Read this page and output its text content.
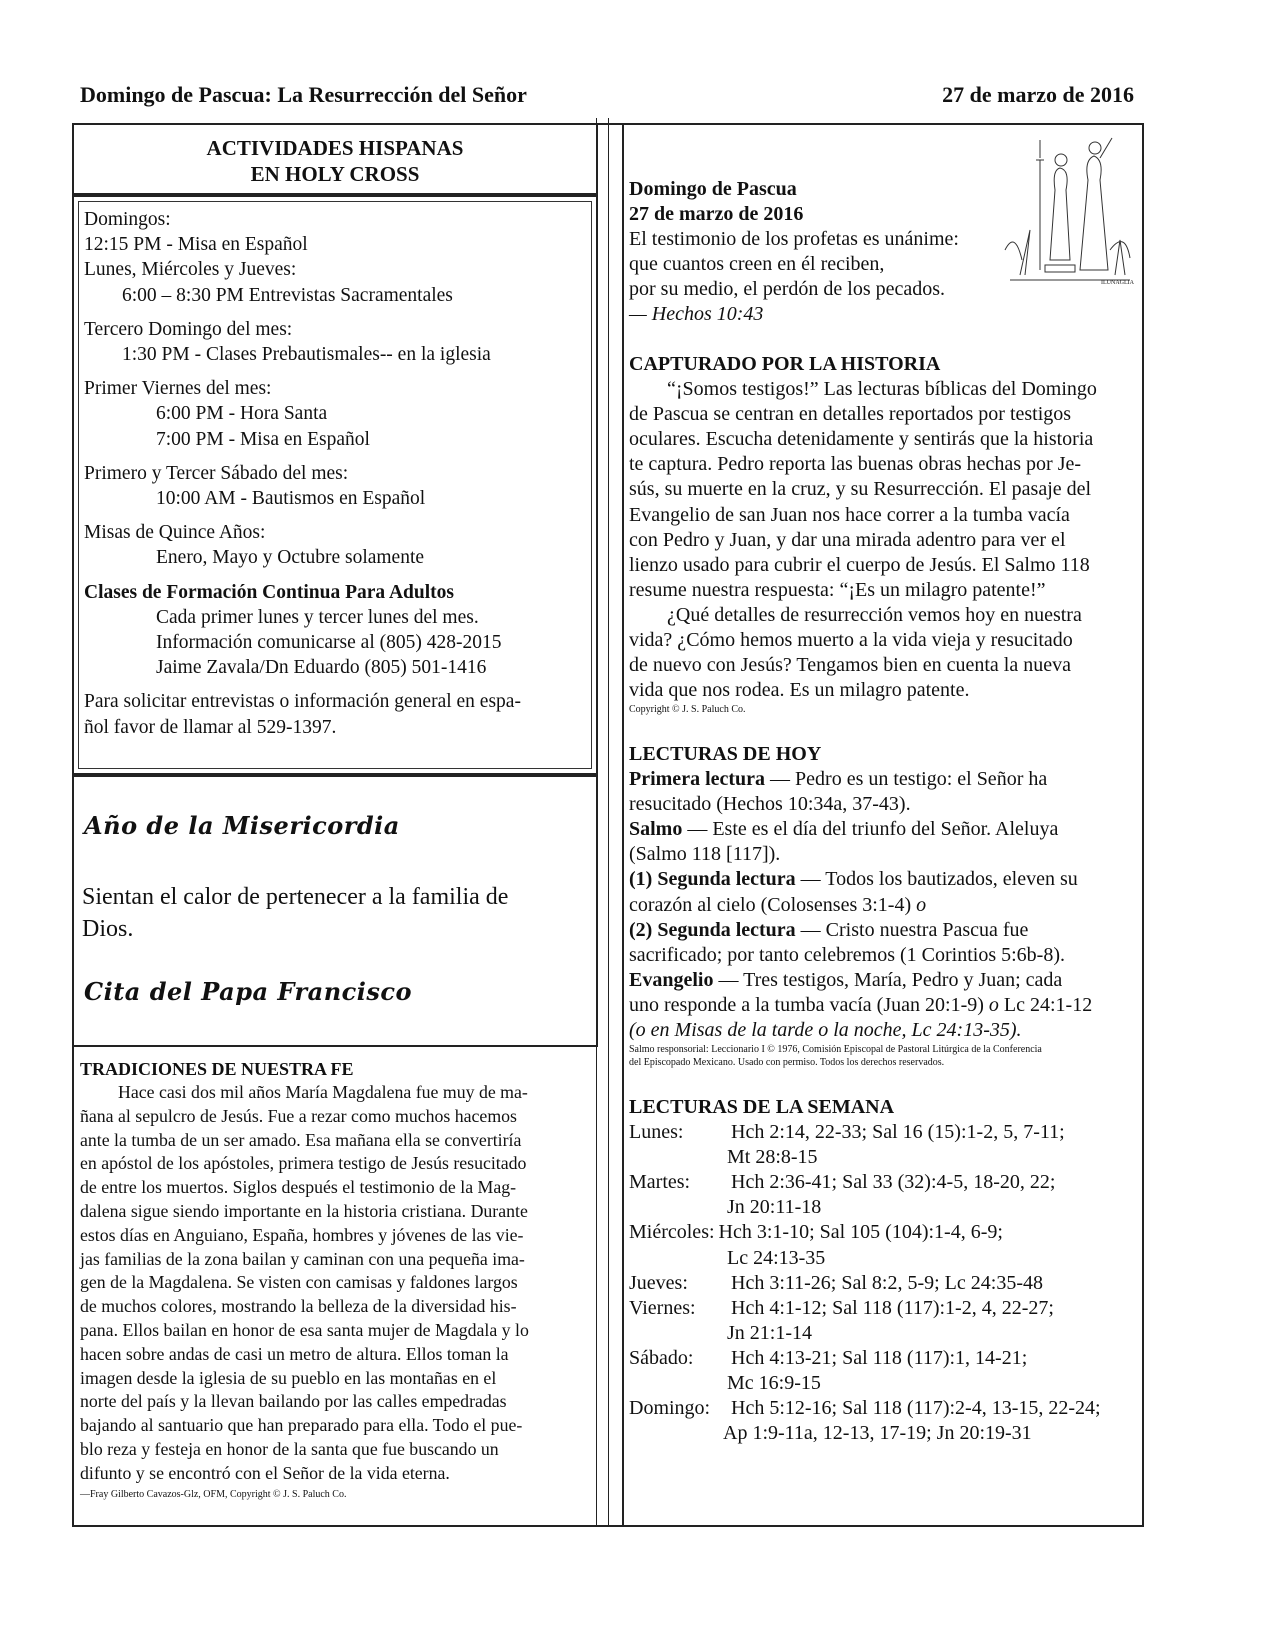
Domingo de Pascua: La Resurrección del Señor	27 de marzo de 2016
ACTIVIDADES HISPANAS
EN HOLY CROSS
Domingos:
12:15 PM - Misa en Español
Lunes, Miércoles y Jueves:
6:00 – 8:30 PM Entrevistas Sacramentales
Tercero Domingo del mes:
1:30 PM - Clases Prebautismales-- en la iglesia
Primer Viernes del mes:
6:00 PM - Hora Santa
7:00 PM - Misa en Español
Primero y Tercer Sábado del mes:
10:00 AM - Bautismos en Español
Misas de Quince Años:
Enero, Mayo y Octubre solamente
Clases de Formación Continua Para Adultos
Cada primer lunes y tercer lunes del mes.
Información comunicarse al (805) 428-2015
Jaime Zavala/Dn Eduardo (805) 501-1416
Para solicitar entrevistas o información general en espa-
ñol favor de llamar al 529-1397.
Año de la Misericordia
Sientan el calor de pertenecer a la familia de
Dios.
Cita del Papa Francisco
TRADICIONES DE NUESTRA FE
Hace casi dos mil años María Magdalena fue muy de ma-
ñana al sepulcro de Jesús. Fue a rezar como muchos hacemos
ante la tumba de un ser amado. Esa mañana ella se convertiría
en apóstol de los apóstoles, primera testigo de Jesús resucitado
de entre los muertos. Siglos después el testimonio de la Mag-
dalena sigue siendo importante en la historia cristiana. Durante
estos días en Anguiano, España, hombres y jóvenes de las vie-
jas familias de la zona bailan y caminan con una pequeña ima-
gen de la Magdalena. Se visten con camisas y faldones largos
de muchos colores, mostrando la belleza de la diversidad his-
pana. Ellos bailan en honor de esa santa mujer de Magdala y lo
hacen sobre andas de casi un metro de altura. Ellos toman la
imagen desde la iglesia de su pueblo en las montañas en el
norte del país y la llevan bailando por las calles empedradas
bajando al santuario que han preparado para ella. Todo el pue-
blo reza y festeja en honor de la santa que fue buscando un
difunto y se encontró con el Señor de la vida eterna.
—Fray Gilberto Cavazos-Glz, OFM, Copyright © J. S. Paluch Co.
ILUNAGLIA
Domingo de Pascua
27 de marzo de 2016
El testimonio de los profetas es unánime:
que cuantos creen en él reciben,
por su medio, el perdón de los pecados.
— Hechos 10:43
CAPTURADO POR LA HISTORIA
“¡Somos testigos!” Las lecturas bíblicas del Domingo
de Pascua se centran en detalles reportados por testigos
oculares. Escucha detenidamente y sentirás que la historia
te captura. Pedro reporta las buenas obras hechas por Je-
sús, su muerte en la cruz, y su Resurrección. El pasaje del
Evangelio de san Juan nos hace correr a la tumba vacía
con Pedro y Juan, y dar una mirada adentro para ver el
lienzo usado para cubrir el cuerpo de Jesús. El Salmo 118
resume nuestra respuesta: “¡Es un milagro patente!”
¿Qué detalles de resurrección vemos hoy en nuestra
vida? ¿Cómo hemos muerto a la vida vieja y resucitado
de nuevo con Jesús? Tengamos bien en cuenta la nueva
vida que nos rodea. Es un milagro patente.
Copyright © J. S. Paluch Co.
LECTURAS DE HOY
Primera lectura — Pedro es un testigo: el Señor ha
resucitado (Hechos 10:34a, 37-43).
Salmo — Este es el día del triunfo del Señor. Aleluya
(Salmo 118 [117]).
(1) Segunda lectura — Todos los bautizados, eleven su
corazón al cielo (Colosenses 3:1-4) o
(2) Segunda lectura — Cristo nuestra Pascua fue
sacrificado; por tanto celebremos (1 Corintios 5:6b-8).
Evangelio — Tres testigos, María, Pedro y Juan; cada
uno responde a la tumba vacía (Juan 20:1-9) o Lc 24:1-12
(o en Misas de la tarde o la noche, Lc 24:13-35).
Salmo responsorial: Leccionario I © 1976, Comisión Episcopal de Pastoral Litúrgica de la Conferencia
del Episcopado Mexicano. Usado con permiso. Todos los derechos reservados.
LECTURAS DE LA SEMANA
Lunes:	Hch 2:14, 22-33; Sal 16 (15):1-2, 5, 7-11;
Mt 28:8-15
Martes:	Hch 2:36-41; Sal 33 (32):4-5, 18-20, 22;
Jn 20:11-18
Miércoles: Hch 3:1-10; Sal 105 (104):1-4, 6-9;
Lc 24:13-35
Jueves:	Hch 3:11-26; Sal 8:2, 5-9; Lc 24:35-48
Viernes:	Hch 4:1-12; Sal 118 (117):1-2, 4, 22-27;
Jn 21:1-14
Sábado:	Hch 4:13-21; Sal 118 (117):1, 14-21;
Mc 16:9-15
Domingo:	Hch 5:12-16; Sal 118 (117):2-4, 13-15, 22-24;
Ap 1:9-11a, 12-13, 17-19; Jn 20:19-31
